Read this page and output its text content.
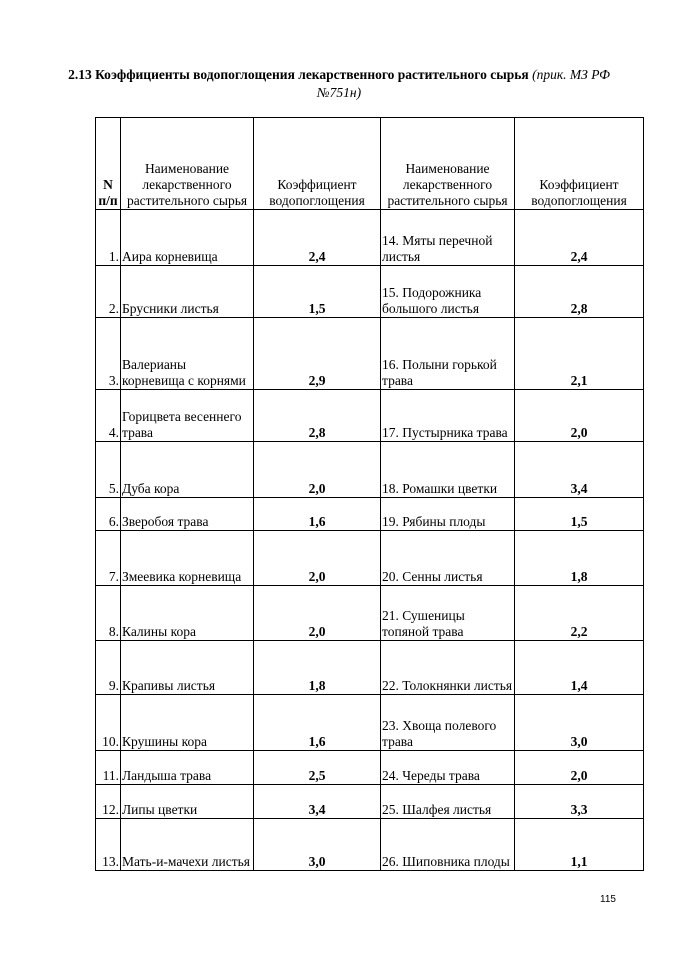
2.13 Коэффициенты водопоглощения лекарственного растительного сырья (прик. МЗ РФ №751н)
N п/п	Наименование лекарственного растительного сырья	Коэффициент водопоглощения	Наименование лекарственного растительного сырья	Коэффициент водопоглощения
1.	Аира корневища	2,4	14. Мяты перечной листья	2,4
2.	Брусники листья	1,5	15. Подорожника большого листья	2,8
3.	Валерианы корневища с корнями	2,9	16. Полыни горькой трава	2,1
4.	Горицвета весеннего трава	2,8	17. Пустырника трава	2,0
5.	Дуба кора	2,0	18. Ромашки цветки	3,4
6.	Зверобоя трава	1,6	19. Рябины плоды	1,5
7.	Змеевика корневища	2,0	20. Сенны листья	1,8
8.	Калины кора	2,0	21. Сушеницы топяной трава	2,2
9.	Крапивы листья	1,8	22. Толокнянки листья	1,4
10.	Крушины кора	1,6	23. Хвоща полевого трава	3,0
11.	Ландыша трава	2,5	24. Череды трава	2,0
12.	Липы цветки	3,4	25. Шалфея листья	3,3
13.	Мать-и-мачехи листья	3,0	26. Шиповника плоды	1,1
115
